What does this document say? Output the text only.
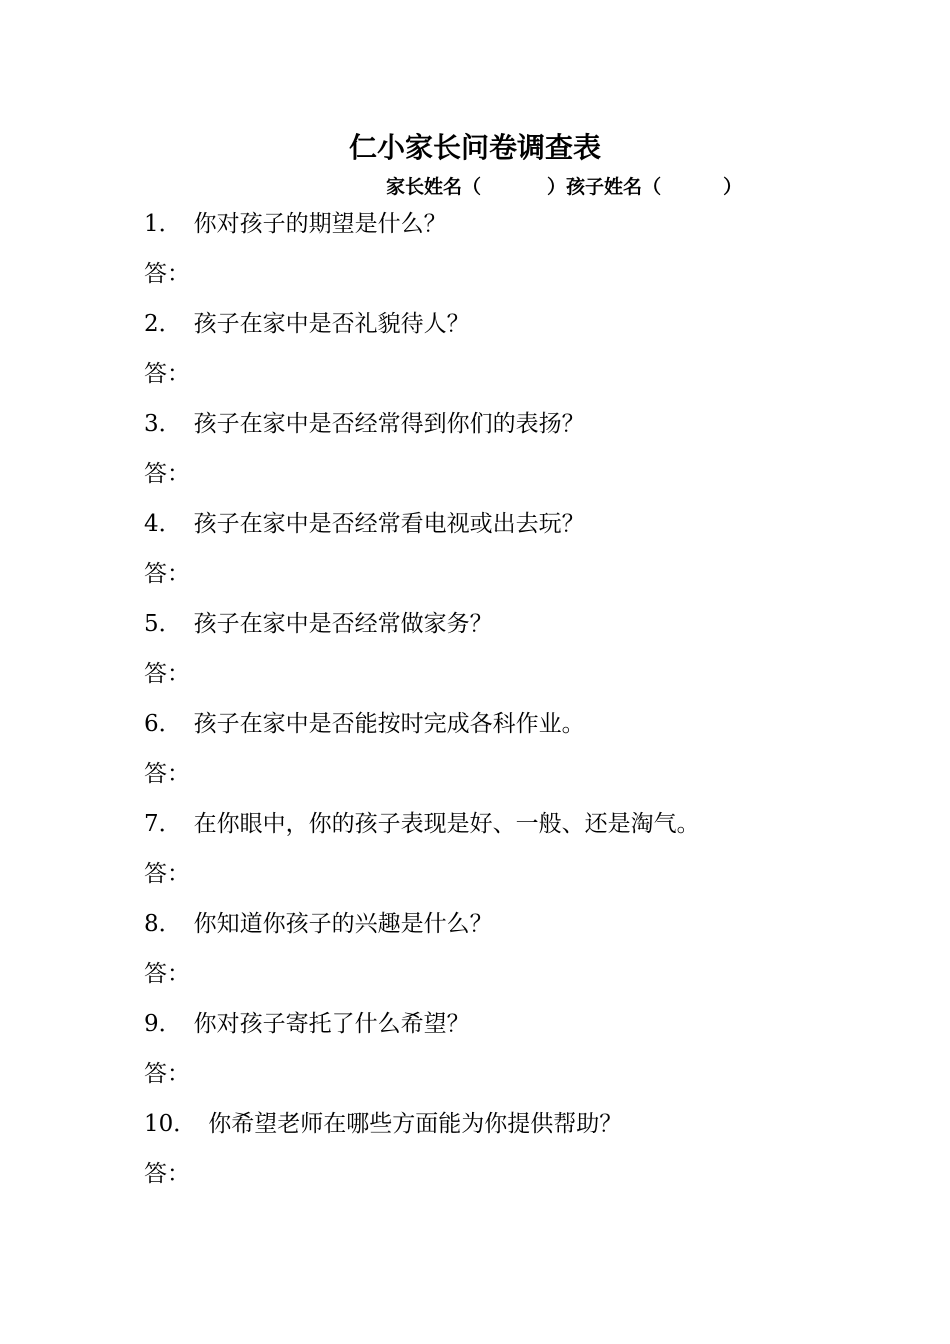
仁小家长问卷调查表
家长姓名（	）孩子姓名（	）
1． 你对孩子的期望是什么？
答：
2． 孩子在家中是否礼貌待人？
答：
3． 孩子在家中是否经常得到你们的表扬？
答：
4． 孩子在家中是否经常看电视或出去玩？
答：
5． 孩子在家中是否经常做家务？
答：
6． 孩子在家中是否能按时完成各科作业。
答：
7． 在你眼中，你的孩子表现是好、一般、还是淘气。
答：
8． 你知道你孩子的兴趣是什么？
答：
9． 你对孩子寄托了什么希望？
答：
10． 你希望老师在哪些方面能为你提供帮助？
答：
